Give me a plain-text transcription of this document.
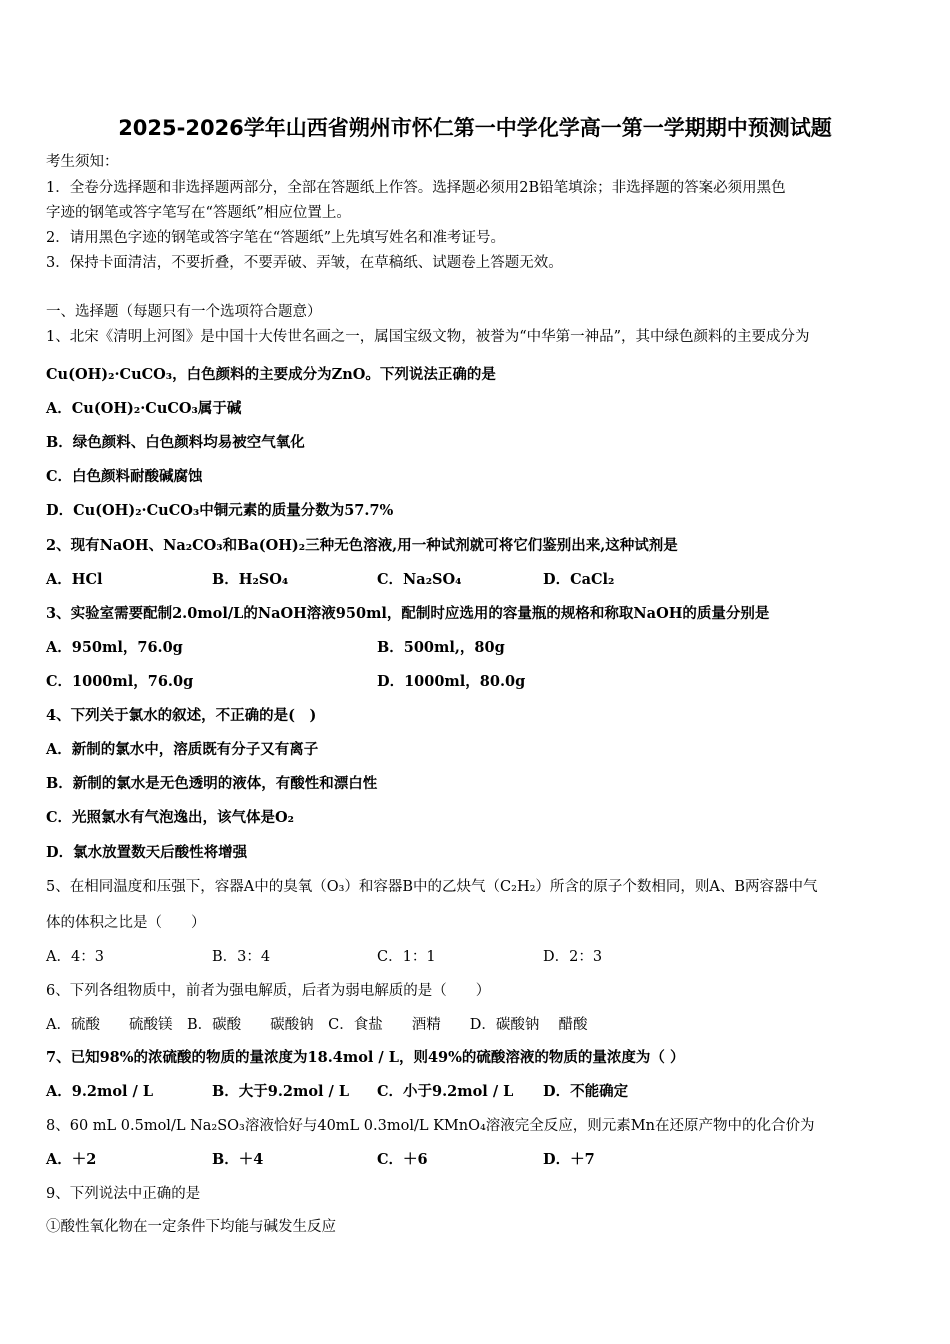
2025-2026学年山西省朔州市怀仁第一中学化学高一第一学期期中预测试题
考生须知：
1．全卷分选择题和非选择题两部分，全部在答题纸上作答。选择题必须用2B铅笔填涂；非选择题的答案必须用黑色
字迹的钢笔或答字笔写在“答题纸”相应位置上。
2．请用黑色字迹的钢笔或答字笔在“答题纸”上先填写姓名和准考证号。
3．保持卡面清洁，不要折叠，不要弄破、弄皱，在草稿纸、试题卷上答题无效。
一、选择题（每题只有一个选项符合题意）
1、北宋《清明上河图》是中国十大传世名画之一，属国宝级文物，被誉为“中华第一神品”，其中绿色颜料的主要成分为
Cu(OH)₂·CuCO₃，白色颜料的主要成分为ZnO。下列说法正确的是
A．Cu(OH)₂·CuCO₃属于碱
B．绿色颜料、白色颜料均易被空气氧化
C．白色颜料耐酸碱腐蚀
D．Cu(OH)₂·CuCO₃中铜元素的质量分数为57.7%
2、现有NaOH、Na₂CO₃和Ba(OH)₂三种无色溶液,用一种试剂就可将它们鉴别出来,这种试剂是
A．HCl	B．H₂SO₄	C．Na₂SO₄	D．CaCl₂
3、实验室需要配制2.0mol/L的NaOH溶液950ml，配制时应选用的容量瓶的规格和称取NaOH的质量分别是
A．950ml，76.0g	B．500ml,，80g
C．1000ml，76.0g	D．1000ml，80.0g
4、下列关于氯水的叙述，不正确的是(　)
A．新制的氯水中，溶质既有分子又有离子
B．新制的氯水是无色透明的液体，有酸性和漂白性
C．光照氯水有气泡逸出，该气体是O₂
D．氯水放置数天后酸性将增强
5、在相同温度和压强下，容器A中的臭氧（O₃）和容器B中的乙炔气（C₂H₂）所含的原子个数相同，则A、B两容器中气
体的体积之比是（　　）
A．4：3	B．3：4	C．1：1	D．2：3
6、下列各组物质中，前者为强电解质，后者为弱电解质的是（　　）
A．硫酸　　硫酸镁　B．碳酸　　碳酸钠　C．食盐　　酒精　　D．碳酸钠　 醋酸
7、已知98%的浓硫酸的物质的量浓度为18.4mol / L，则49%的硫酸溶液的物质的量浓度为（ ）
A．9.2mol / L	B．大于9.2mol / L C．小于9.2mol / L D．不能确定
8、60 mL 0.5mol/L Na₂SO₃溶液恰好与40mL 0.3mol/L KMnO₄溶液完全反应，则元素Mn在还原产物中的化合价为
A．＋2	B．＋4	C．＋6	D．＋7
9、下列说法中正确的是
①酸性氧化物在一定条件下均能与碱发生反应
